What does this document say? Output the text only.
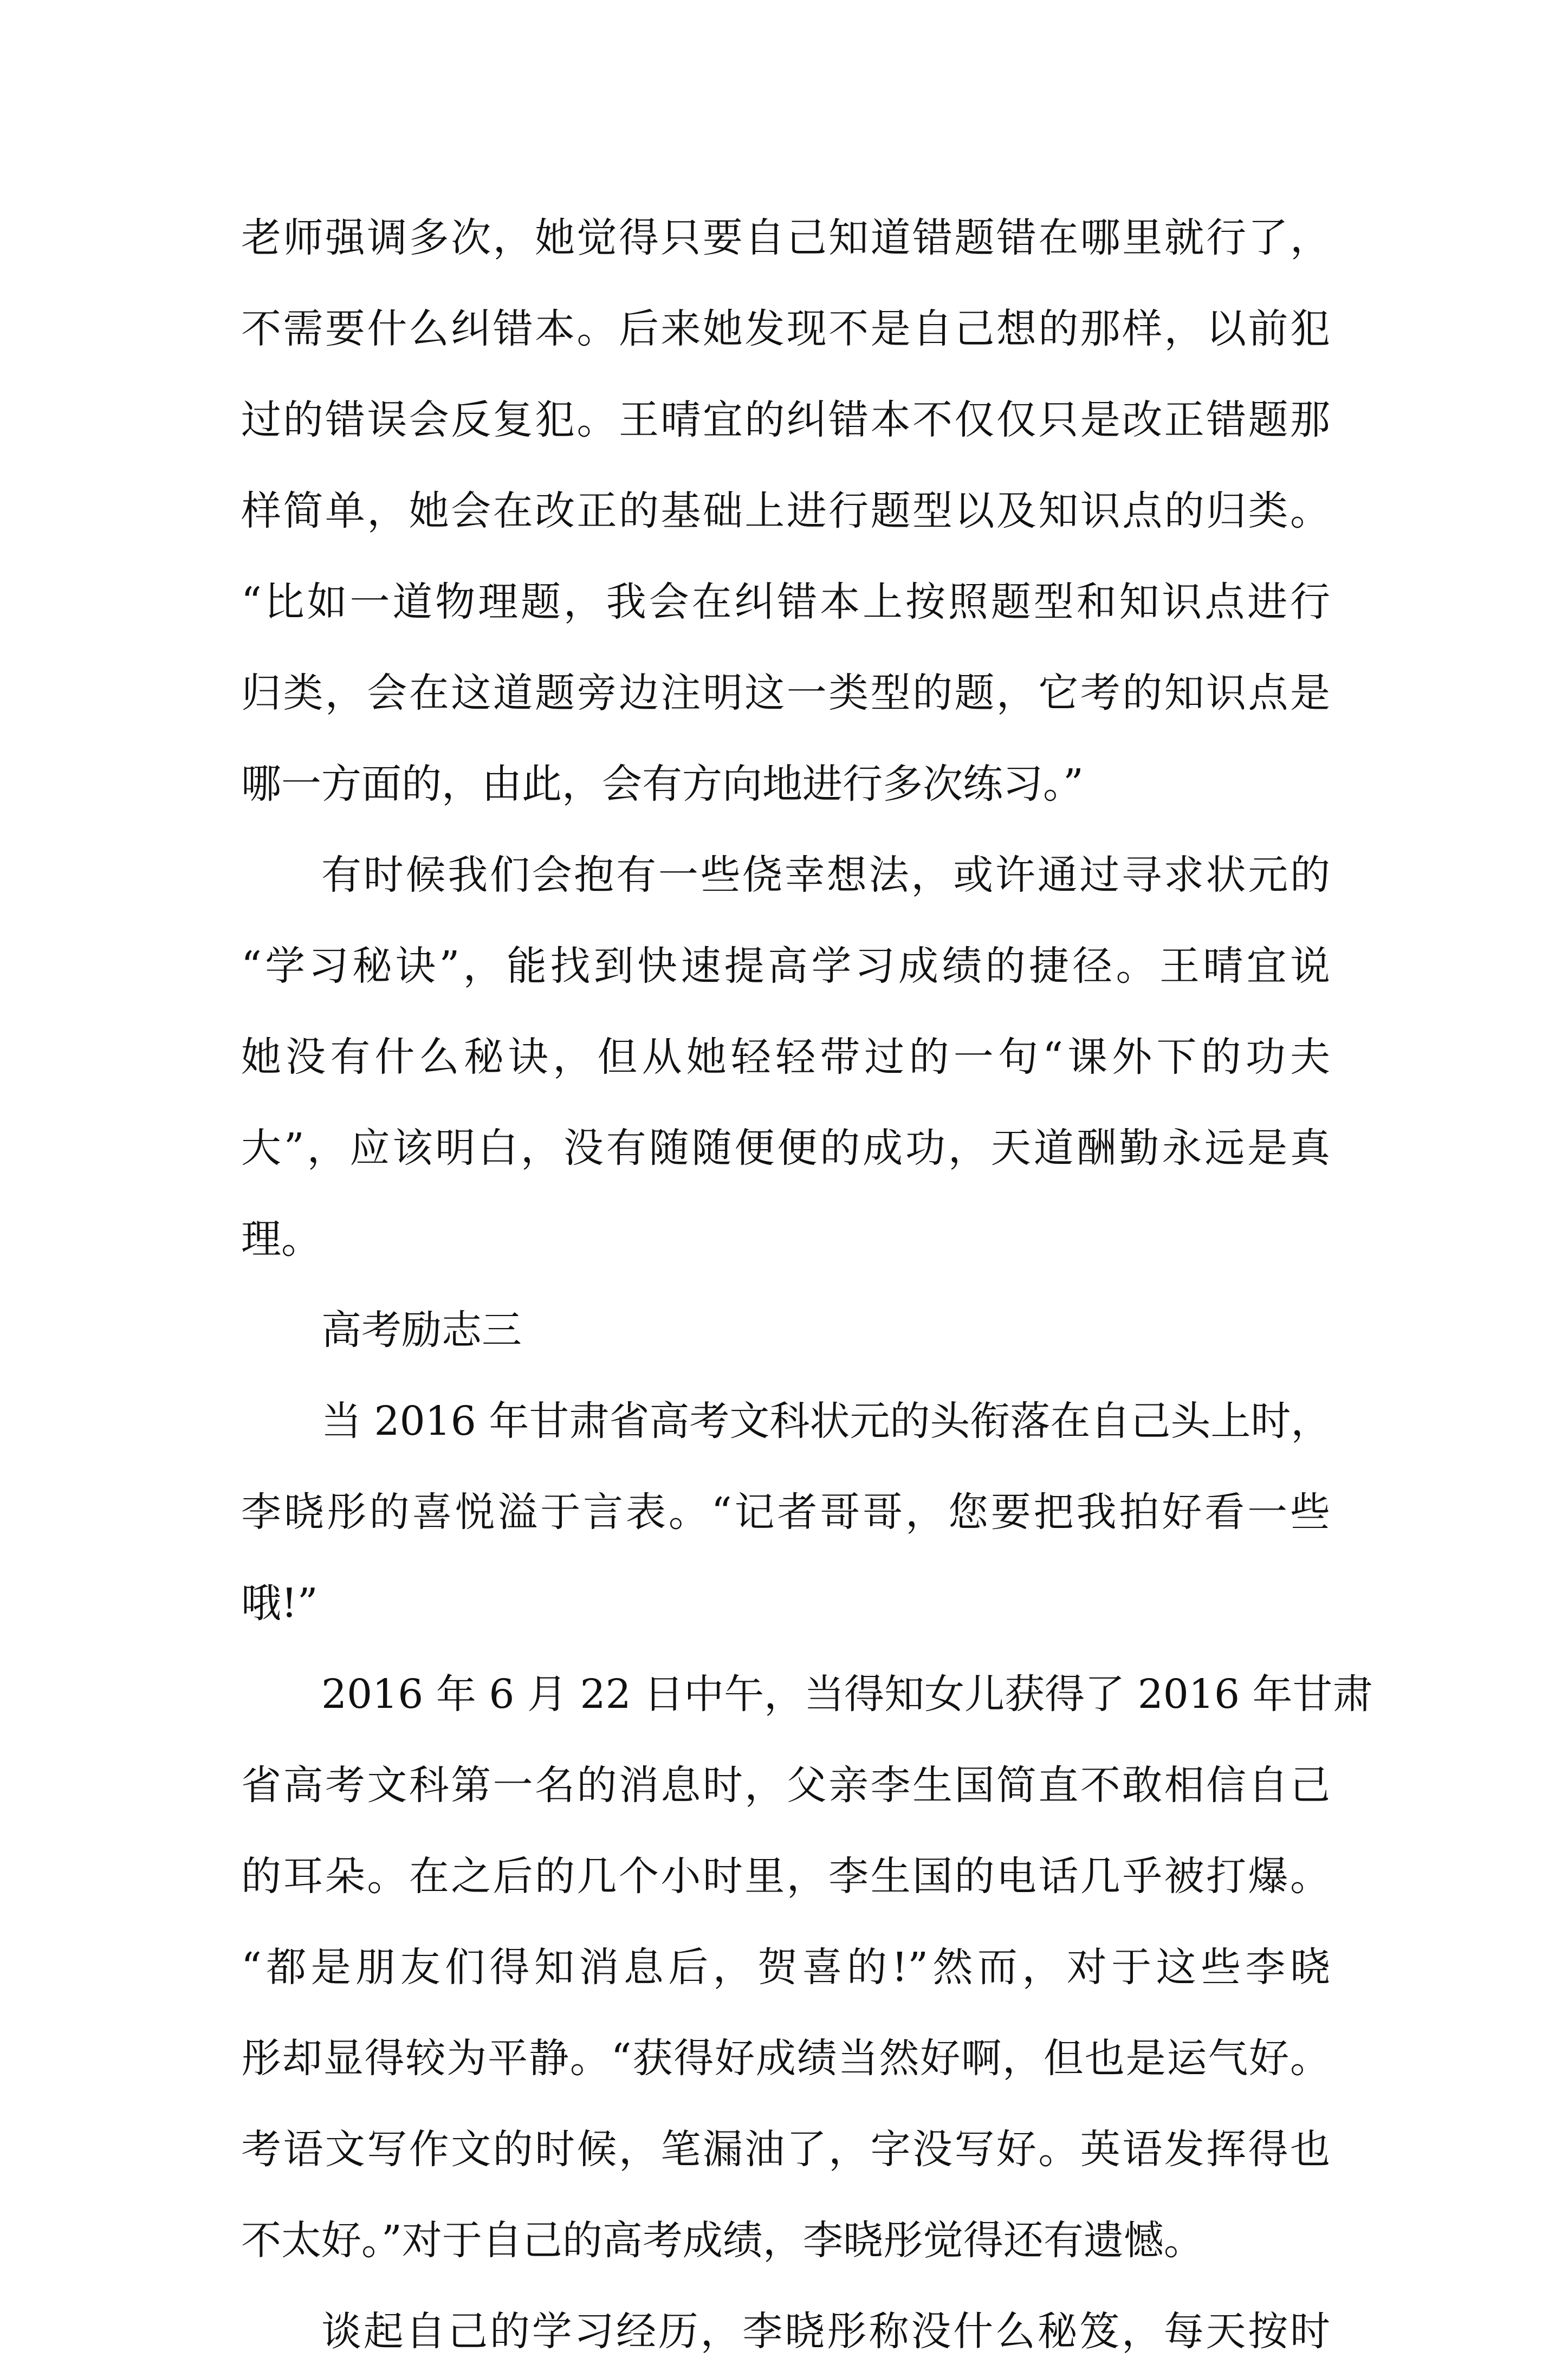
老师强调多次，她觉得只要自己知道错题错在哪里就行了，
不需要什么纠错本。后来她发现不是自己想的那样，以前犯
过的错误会反复犯。王晴宜的纠错本不仅仅只是改正错题那
样简单，她会在改正的基础上进行题型以及知识点的归类。
“比如一道物理题，我会在纠错本上按照题型和知识点进行
归类，会在这道题旁边注明这一类型的题，它考的知识点是
哪一方面的，由此，会有方向地进行多次练习。”
有时候我们会抱有一些侥幸想法，或许通过寻求状元的
“学习秘诀”，能找到快速提高学习成绩的捷径。王晴宜说
她没有什么秘诀，但从她轻轻带过的一句“课外下的功夫
大”，应该明白，没有随随便便的成功，天道酬勤永远是真
理。
高考励志三
当 2016 年甘肃省高考文科状元的头衔落在自己头上时，
李晓彤的喜悦溢于言表。“记者哥哥，您要把我拍好看一些
哦!”
2016 年 6 月 22 日中午，当得知女儿获得了 2016 年甘肃
省高考文科第一名的消息时，父亲李生国简直不敢相信自己
的耳朵。在之后的几个小时里，李生国的电话几乎被打爆。
“都是朋友们得知消息后，贺喜的!”然而，对于这些李晓
彤却显得较为平静。“获得好成绩当然好啊，但也是运气好。
考语文写作文的时候，笔漏油了，字没写好。英语发挥得也
不太好。”对于自己的高考成绩，李晓彤觉得还有遗憾。
谈起自己的学习经历，李晓彤称没什么秘笈，每天按时
